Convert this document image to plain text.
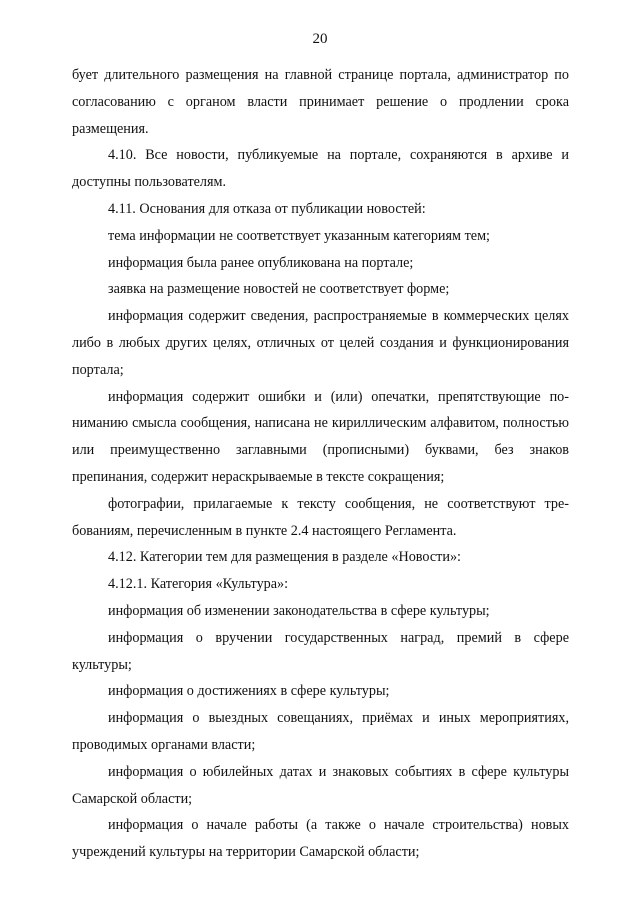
20

бует длительного размещения на главной странице портала, администратор по согласованию с органом власти принимает решение о продлении срока размещения.

4.10. Все новости, публикуемые на портале, сохраняются в архиве и доступны пользователям.

4.11. Основания для отказа от публикации новостей:

тема информации не соответствует указанным категориям тем;

информация была ранее опубликована на портале;

заявка на размещение новостей не соответствует форме;

информация содержит сведения, распространяемые в коммерческих целях либо в любых других целях, отличных от целей создания и функционирования портала;

информация содержит ошибки и (или) опечатки, препятствующие пониманию смысла сообщения, написана не кириллическим алфавитом, полностью или преимущественно заглавными (прописными) буквами, без знаков препинания, содержит нераскрываемые в тексте сокращения;

фотографии, прилагаемые к тексту сообщения, не соответствуют требованиям, перечисленным в пункте 2.4 настоящего Регламента.

4.12. Категории тем для размещения в разделе «Новости»:

4.12.1. Категория «Культура»:

информация об изменении законодательства в сфере культуры;

информация о вручении государственных наград, премий в сфере культуры;

информация о достижениях в сфере культуры;

информация о выездных совещаниях, приёмах и иных мероприятиях, проводимых органами власти;

информация о юбилейных датах и знаковых событиях в сфере культуры Самарской области;

информация о начале работы (а также о начале строительства) новых учреждений культуры на территории Самарской области;
